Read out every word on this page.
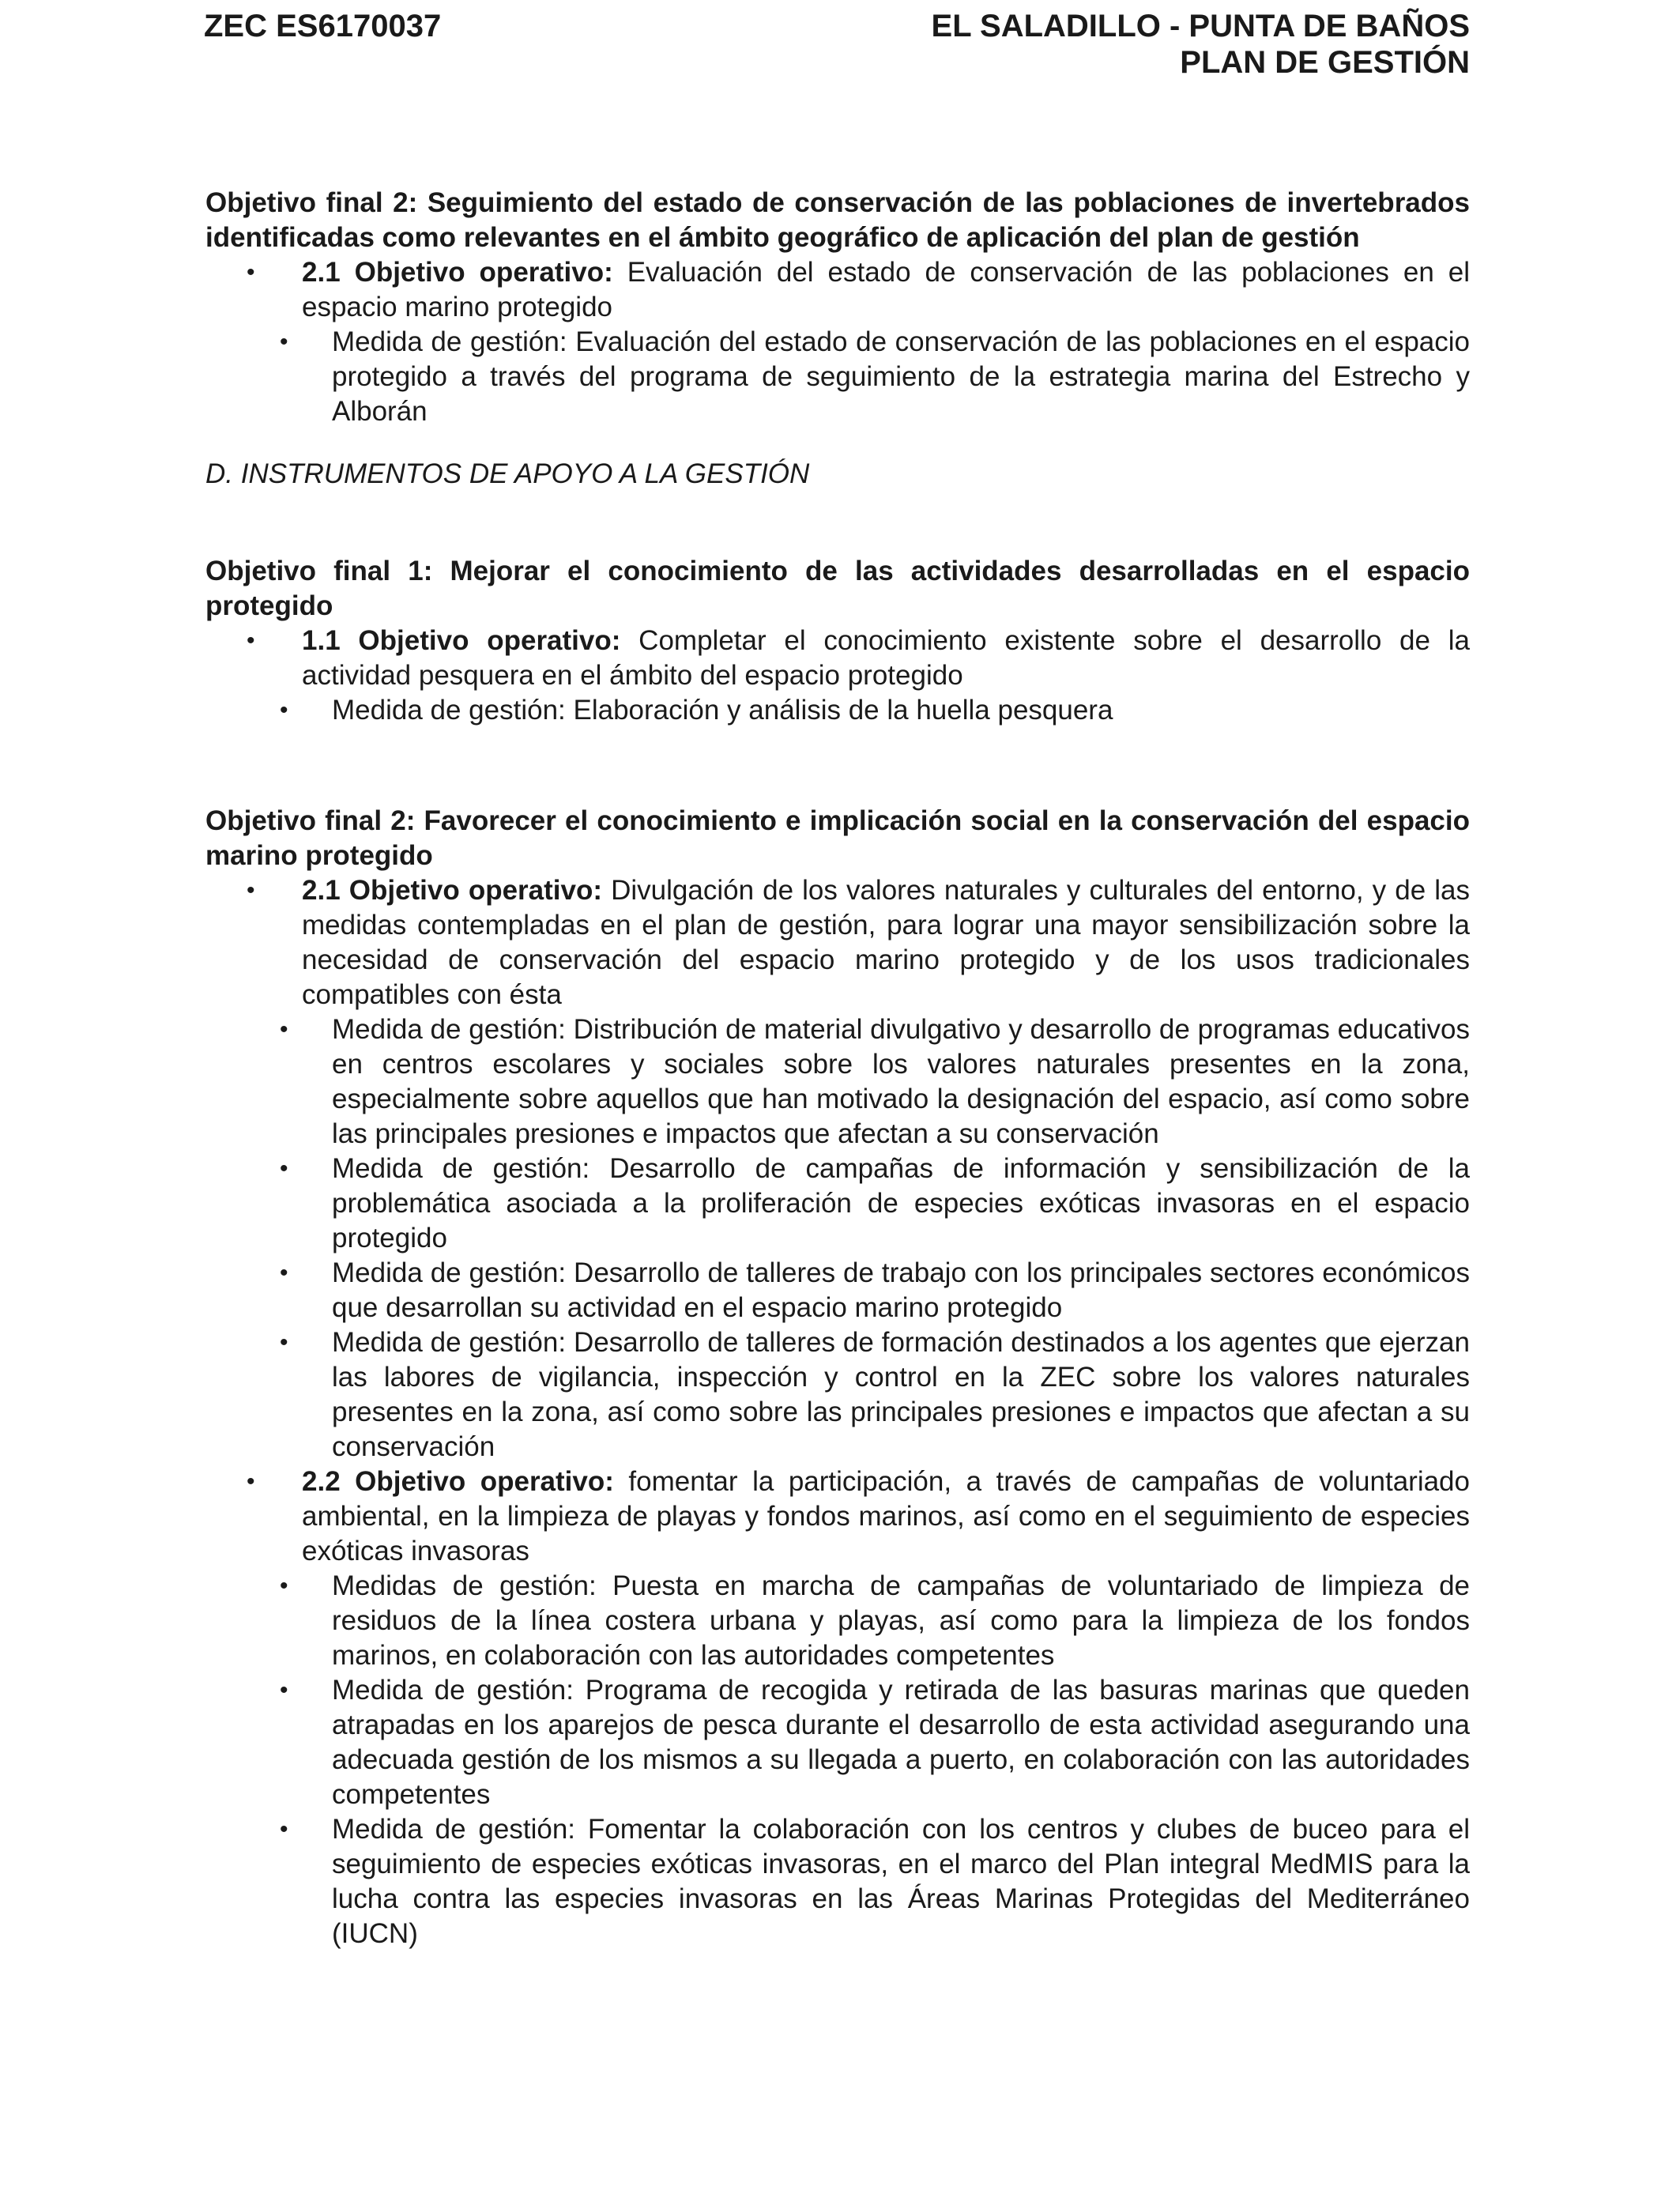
ZEC ES6170037	EL SALADILLO - PUNTA DE BAÑOS
PLAN DE GESTIÓN

Objetivo final 2: Seguimiento del estado de conservación de las poblaciones de invertebrados identificadas como relevantes en el ámbito geográfico de aplicación del plan de gestión

• 2.1 Objetivo operativo: Evaluación del estado de conservación de las poblaciones en el espacio marino protegido
• Medida de gestión: Evaluación del estado de conservación de las poblaciones en el espacio protegido a través del programa de seguimiento de la estrategia marina del Estrecho y Alborán

D. INSTRUMENTOS DE APOYO A LA GESTIÓN

Objetivo final 1: Mejorar el conocimiento de las actividades desarrolladas en el espacio protegido

• 1.1 Objetivo operativo: Completar el conocimiento existente sobre el desarrollo de la actividad pesquera en el ámbito del espacio protegido
• Medida de gestión: Elaboración y análisis de la huella pesquera

Objetivo final 2: Favorecer el conocimiento e implicación social en la conservación del espacio marino protegido

• 2.1 Objetivo operativo: Divulgación de los valores naturales y culturales del entorno, y de las medidas contempladas en el plan de gestión, para lograr una mayor sensibilización sobre la necesidad de conservación del espacio marino protegido y de los usos tradicionales compatibles con ésta
• Medida de gestión: Distribución de material divulgativo y desarrollo de programas educativos en centros escolares y sociales sobre los valores naturales presentes en la zona, especialmente sobre aquellos que han motivado la designación del espacio, así como sobre las principales presiones e impactos que afectan a su conservación
• Medida de gestión: Desarrollo de campañas de información y sensibilización de la problemática asociada a la proliferación de especies exóticas invasoras en el espacio protegido
• Medida de gestión: Desarrollo de talleres de trabajo con los principales sectores económicos que desarrollan su actividad en el espacio marino protegido
• Medida de gestión: Desarrollo de talleres de formación destinados a los agentes que ejerzan las labores de vigilancia, inspección y control en la ZEC sobre los valores naturales presentes en la zona, así como sobre las principales presiones e impactos que afectan a su conservación
• 2.2 Objetivo operativo: fomentar la participación, a través de campañas de voluntariado ambiental, en la limpieza de playas y fondos marinos, así como en el seguimiento de especies exóticas invasoras
• Medidas de gestión: Puesta en marcha de campañas de voluntariado de limpieza de residuos de la línea costera urbana y playas, así como para la limpieza de los fondos marinos, en colaboración con las autoridades competentes
• Medida de gestión: Programa de recogida y retirada de las basuras marinas que queden atrapadas en los aparejos de pesca durante el desarrollo de esta actividad asegurando una adecuada gestión de los mismos a su llegada a puerto, en colaboración con las autoridades competentes
• Medida de gestión: Fomentar la colaboración con los centros y clubes de buceo para el seguimiento de especies exóticas invasoras, en el marco del Plan integral MedMIS para la lucha contra las especies invasoras en las Áreas Marinas Protegidas del Mediterráneo (IUCN)
